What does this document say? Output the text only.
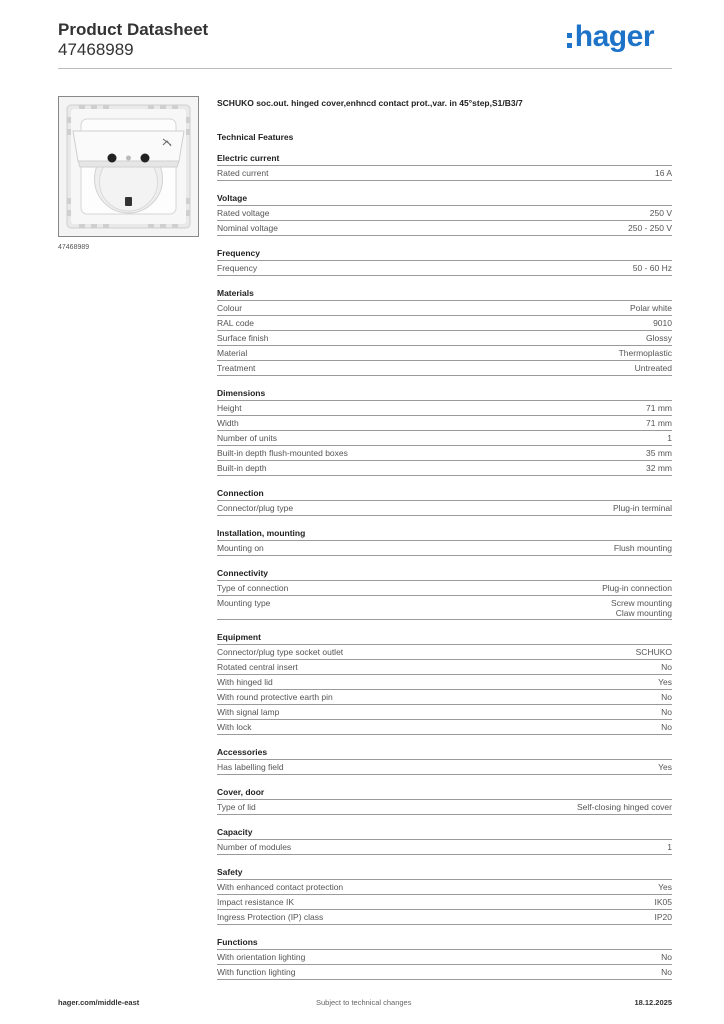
Product Datasheet
47468989	hager
47468989
SCHUKO soc.out. hinged cover,enhncd contact prot.,var. in 45°step,S1/B3/7
Technical Features
Electric current
Rated current	16 A
Voltage
Rated voltage	250 V
Nominal voltage	250 - 250 V
Frequency
Frequency	50 - 60 Hz
Materials
Colour	Polar white
RAL code	9010
Surface finish	Glossy
Material	Thermoplastic
Treatment	Untreated
Dimensions
Height	71 mm
Width	71 mm
Number of units	1
Built-in depth flush-mounted boxes	35 mm
Built-in depth	32 mm
Connection
Connector/plug type	Plug-in terminal
Installation, mounting
Mounting on	Flush mounting
Connectivity
Type of connection	Plug-in connection
Mounting type	Screw mounting
Claw mounting
Equipment
Connector/plug type socket outlet	SCHUKO
Rotated central insert	No
With hinged lid	Yes
With round protective earth pin	No
With signal lamp	No
With lock	No
Accessories
Has labelling field	Yes
Cover, door
Type of lid	Self-closing hinged cover
Capacity
Number of modules	1
Safety
With enhanced contact protection	Yes
Impact resistance IK	IK05
Ingress Protection (IP) class	IP20
Functions
With orientation lighting	No
With function lighting	No
hager.com/middle-east	Subject to technical changes	18.12.2025
